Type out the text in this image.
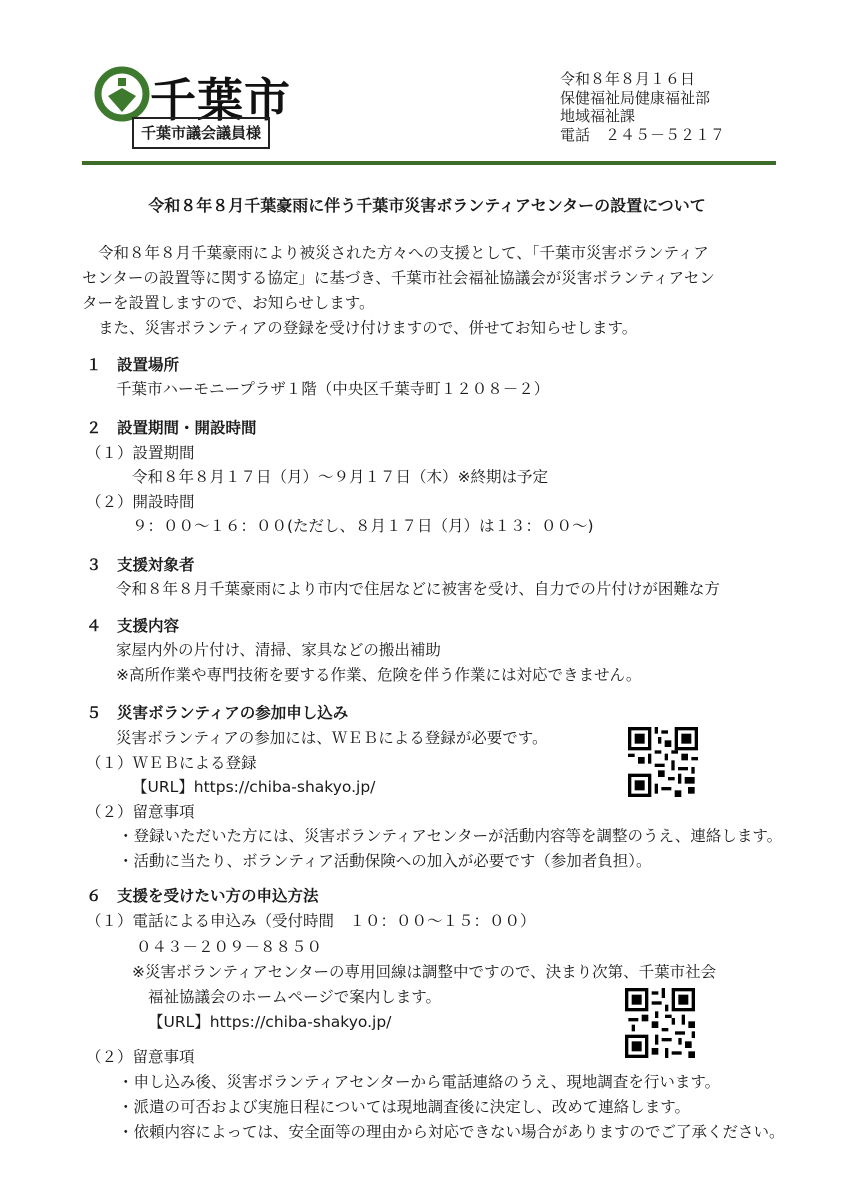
千葉市
千葉市議会議員様
令和８年８月１６日
保健福祉局健康福祉部
地域福祉課
電話　２４５－５２１７
令和８年８月千葉豪雨に伴う千葉市災害ボランティアセンターの設置について
令和８年８月千葉豪雨により被災された方々への支援として、「千葉市災害ボランティア
センターの設置等に関する協定」に基づき、千葉市社会福祉協議会が災害ボランティアセン
ターを設置しますので、お知らせします。
また、災害ボランティアの登録を受け付けますので、併せてお知らせします。
１　設置場所
千葉市ハーモニープラザ１階（中央区千葉寺町１２０８－２）
２　設置期間・開設時間
（１）設置期間
令和８年８月１７日（月）～９月１７日（木）※終期は予定
（２）開設時間
９：００～１６：００(ただし、８月１７日（月）は１３：００～)
３　支援対象者
令和８年８月千葉豪雨により市内で住居などに被害を受け、自力での片付けが困難な方
４　支援内容
家屋内外の片付け、清掃、家具などの搬出補助
※高所作業や専門技術を要する作業、危険を伴う作業には対応できません。
５　災害ボランティアの参加申し込み
災害ボランティアの参加には、ＷＥＢによる登録が必要です。
（１）ＷＥＢによる登録
【URL】https://chiba-shakyo.jp/
（２）留意事項
・登録いただいた方には、災害ボランティアセンターが活動内容等を調整のうえ、連絡します。
・活動に当たり、ボランティア活動保険への加入が必要です（参加者負担）。
６　支援を受けたい方の申込方法
（１）電話による申込み（受付時間　１０：００～１５：００）
０４３－２０９－８８５０
※災害ボランティアセンターの専用回線は調整中ですので、決まり次第、千葉市社会
福祉協議会のホームページで案内します。
【URL】https://chiba-shakyo.jp/
（２）留意事項
・申し込み後、災害ボランティアセンターから電話連絡のうえ、現地調査を行います。
・派遣の可否および実施日程については現地調査後に決定し、改めて連絡します。
・依頼内容によっては、安全面等の理由から対応できない場合がありますのでご了承ください。
